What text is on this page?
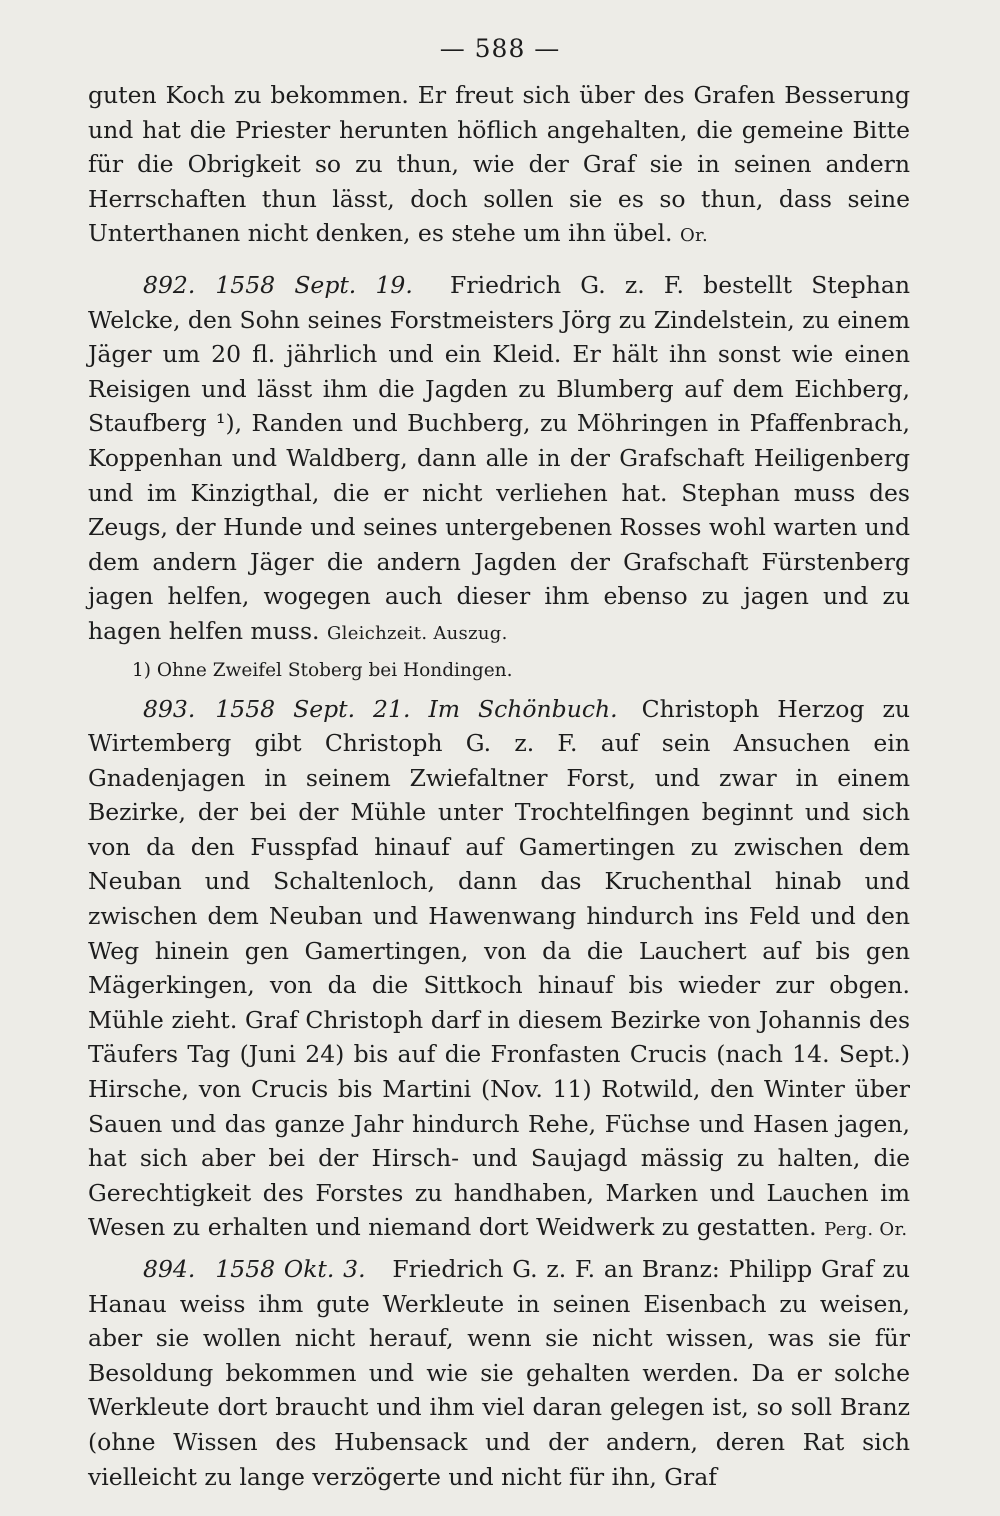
— 588 —

guten Koch zu bekommen. Er freut sich über des Grafen Besserung und hat die Priester herunten höflich angehalten, die gemeine Bitte für die Obrigkeit so zu thun, wie der Graf sie in seinen andern Herrschaften thun lässt, doch sollen sie es so thun, dass seine Unterthanen nicht denken, es stehe um ihn übel. Or.

892. 1558 Sept. 19. Friedrich G. z. F. bestellt Stephan Welcke, den Sohn seines Forstmeisters Jörg zu Zindelstein, zu einem Jäger um 20 fl. jährlich und ein Kleid. Er hält ihn sonst wie einen Reisigen und lässt ihm die Jagden zu Blumberg auf dem Eichberg, Staufberg ¹), Randen und Buchberg, zu Möhringen in Pfaffenbrach, Koppenhan und Waldberg, dann alle in der Grafschaft Heiligenberg und im Kinzigthal, die er nicht verliehen hat. Stephan muss des Zeugs, der Hunde und seines untergebenen Rosses wohl warten und dem andern Jäger die andern Jagden der Grafschaft Fürstenberg jagen helfen, wogegen auch dieser ihm ebenso zu jagen und zu hagen helfen muss. Gleichzeit. Auszug.

1) Ohne Zweifel Stoberg bei Hondingen.

893. 1558 Sept. 21. Im Schönbuch. Christoph Herzog zu Wirtemberg gibt Christoph G. z. F. auf sein Ansuchen ein Gnadenjagen in seinem Zwiefaltner Forst, und zwar in einem Bezirke, der bei der Mühle unter Trochtelfingen beginnt und sich von da den Fusspfad hinauf auf Gamertingen zu zwischen dem Neuban und Schaltenloch, dann das Kruchenthal hinab und zwischen dem Neuban und Hawenwang hindurch ins Feld und den Weg hinein gen Gamertingen, von da die Lauchert auf bis gen Mägerkingen, von da die Sittkoch hinauf bis wieder zur obgen. Mühle zieht. Graf Christoph darf in diesem Bezirke von Johannis des Täufers Tag (Juni 24) bis auf die Fronfasten Crucis (nach 14. Sept.) Hirsche, von Crucis bis Martini (Nov. 11) Rotwild, den Winter über Sauen und das ganze Jahr hindurch Rehe, Füchse und Hasen jagen, hat sich aber bei der Hirsch- und Saujagd mässig zu halten, die Gerechtigkeit des Forstes zu handhaben, Marken und Lauchen im Wesen zu erhalten und niemand dort Weidwerk zu gestatten. Perg. Or.

894. 1558 Okt. 3. Friedrich G. z. F. an Branz: Philipp Graf zu Hanau weiss ihm gute Werkleute in seinen Eisenbach zu weisen, aber sie wollen nicht herauf, wenn sie nicht wissen, was sie für Besoldung bekommen und wie sie gehalten werden. Da er solche Werkleute dort braucht und ihm viel daran gelegen ist, so soll Branz (ohne Wissen des Hubensack und der andern, deren Rat sich vielleicht zu lange verzögerte und nicht für ihn, Graf
